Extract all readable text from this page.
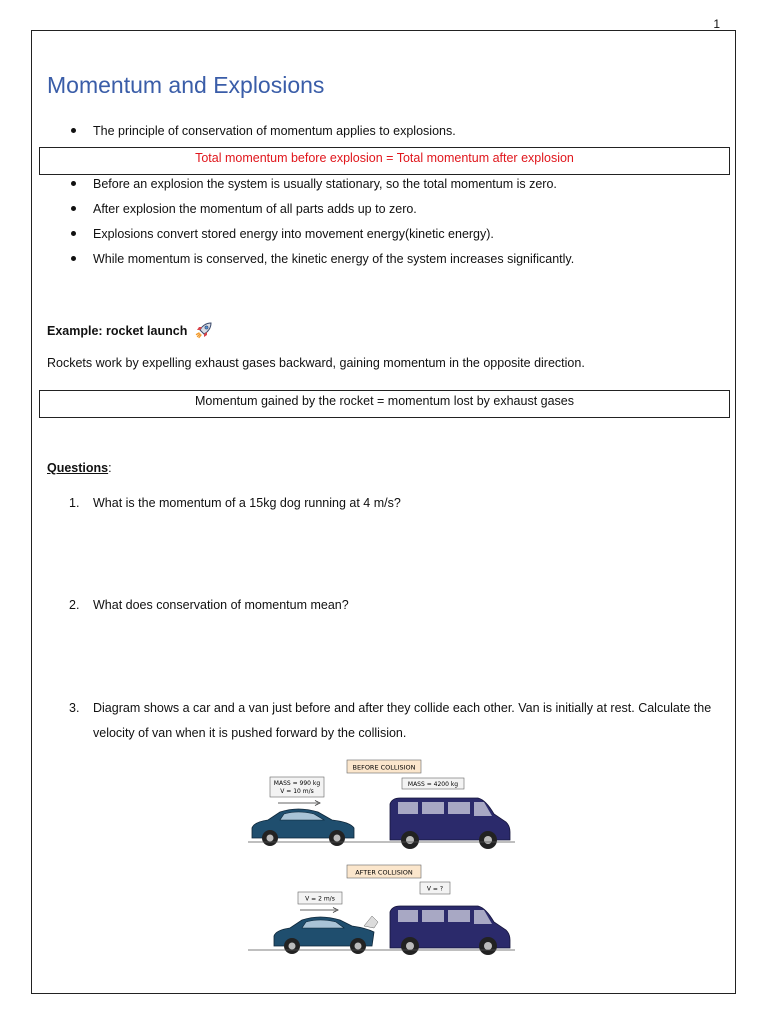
1
Momentum and Explosions
The principle of conservation of momentum applies to explosions.
Total momentum before explosion = Total momentum after explosion
Before an explosion the system is usually stationary, so the total momentum is zero.
After explosion the momentum of all parts adds up to zero.
Explosions convert stored energy into movement energy(kinetic energy).
While momentum is conserved, the kinetic energy of the system increases significantly.
Example: rocket launch
Rockets work by expelling exhaust gases backward, gaining momentum in the opposite direction.
Momentum gained by the rocket = momentum lost by exhaust gases
Questions:
1. What is the momentum of a 15kg dog running at 4 m/s?
2. What does conservation of momentum mean?
3. Diagram shows a car and a van just before and after they collide each other. Van is initially at rest. Calculate the velocity of van when it is pushed forward by the collision.
BEFORE COLLISION
MASS = 990 kg
V = 10 m/s
MASS = 4200 kg
AFTER COLLISION
V = 2 m/s
V = ?
